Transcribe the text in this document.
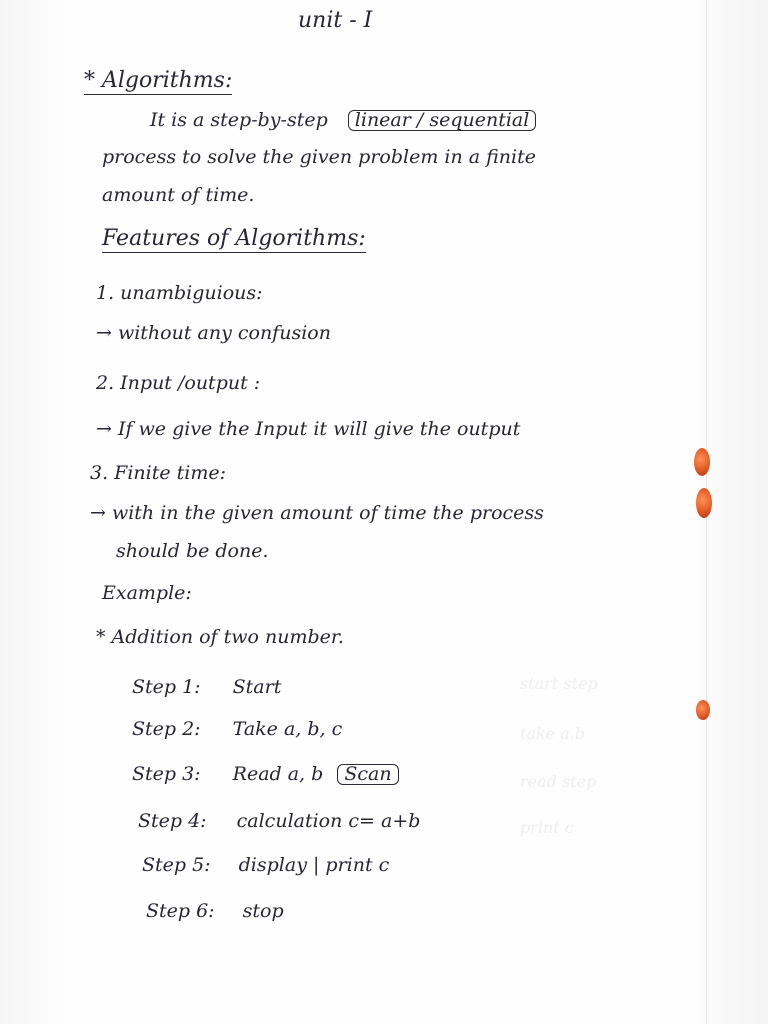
start step
take a.b
read step
print c
unit - I
* Algorithms:
It is a step-by-step linear / sequential
process to solve the given problem in a finite
amount of time.
Features of Algorithms:
1. unambiguious:
→ without any confusion
2. Input /output :
→ If we give the Input it will give the output
3. Finite time:
→ with in the given amount of time the process
should be done.
Example:
* Addition of two number.
Step 1: Start
Step 2: Take a, b, c
Step 3: Read a, b Scan
Step 4: calculation c= a+b
Step 5: display | print c
Step 6: stop
